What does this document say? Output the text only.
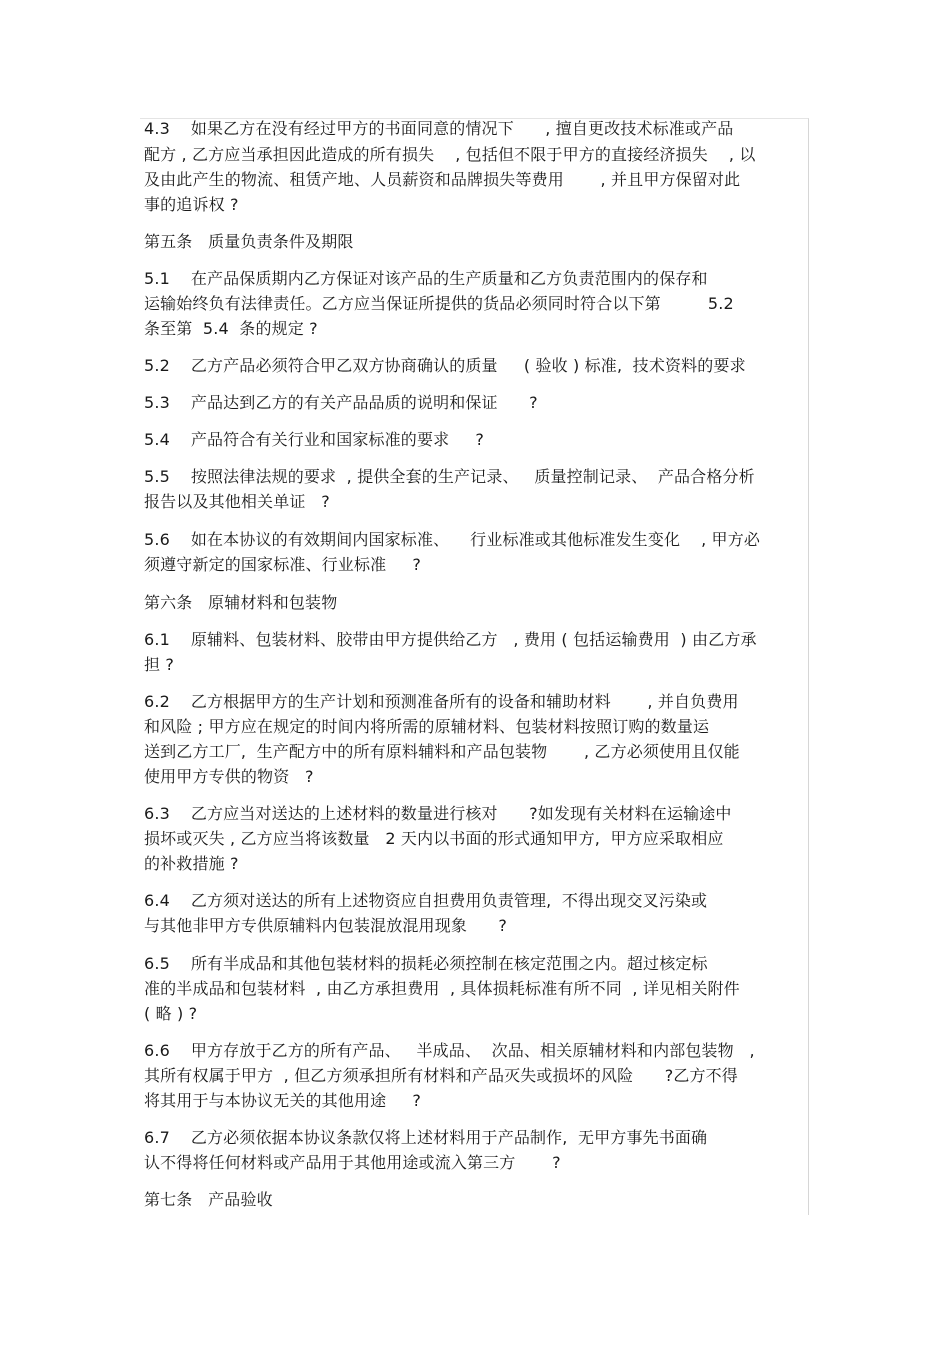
4.3    如果乙方在没有经过甲方的书面同意的情况下      , 擅自更改技术标准或产品
配方 , 乙方应当承担因此造成的所有损失    , 包括但不限于甲方的直接经济损失    , 以
及由此产生的物流、租赁产地、人员薪资和品牌损失等费用       , 并且甲方保留对此
事的追诉权 ?
第五条   质量负责条件及期限
5.1    在产品保质期内乙方保证对该产品的生产质量和乙方负责范围内的保存和
运输始终负有法律责任。乙方应当保证所提供的货品必须同时符合以下第         5.2
条至第  5.4  条的规定 ?
5.2    乙方产品必须符合甲乙双方协商确认的质量     ( 验收 ) 标准,  技术资料的要求
5.3    产品达到乙方的有关产品品质的说明和保证      ?
5.4    产品符合有关行业和国家标准的要求     ?
5.5    按照法律法规的要求  , 提供全套的生产记录、   质量控制记录、  产品合格分析
报告以及其他相关单证   ?
5.6    如在本协议的有效期间内国家标准、    行业标准或其他标准发生变化    , 甲方必
须遵守新定的国家标准、行业标准     ?
第六条   原辅材料和包装物
6.1    原辅料、包装材料、胶带由甲方提供给乙方   , 费用 ( 包括运输费用  ) 由乙方承
担 ?
6.2    乙方根据甲方的生产计划和预测准备所有的设备和辅助材料       , 并自负费用
和风险 ; 甲方应在规定的时间内将所需的原辅材料、包装材料按照订购的数量运
送到乙方工厂,  生产配方中的所有原料辅料和产品包装物       , 乙方必须使用且仅能
使用甲方专供的物资   ?
6.3    乙方应当对送达的上述材料的数量进行核对      ?如发现有关材料在运输途中
损坏或灭失 , 乙方应当将该数量   2 天内以书面的形式通知甲方,  甲方应采取相应
的补救措施 ?
6.4    乙方须对送达的所有上述物资应自担费用负责管理,  不得出现交叉污染或
与其他非甲方专供原辅料内包装混放混用现象      ?
6.5    所有半成品和其他包装材料的损耗必须控制在核定范围之内。超过核定标
准的半成品和包装材料  , 由乙方承担费用  , 具体损耗标准有所不同  , 详见相关附件
( 略 ) ?
6.6    甲方存放于乙方的所有产品、   半成品、  次品、相关原辅材料和内部包装物   ,
其所有权属于甲方  , 但乙方须承担所有材料和产品灭失或损坏的风险      ?乙方不得
将其用于与本协议无关的其他用途     ?
6.7    乙方必须依据本协议条款仅将上述材料用于产品制作,  无甲方事先书面确
认不得将任何材料或产品用于其他用途或流入第三方       ?
第七条   产品验收
